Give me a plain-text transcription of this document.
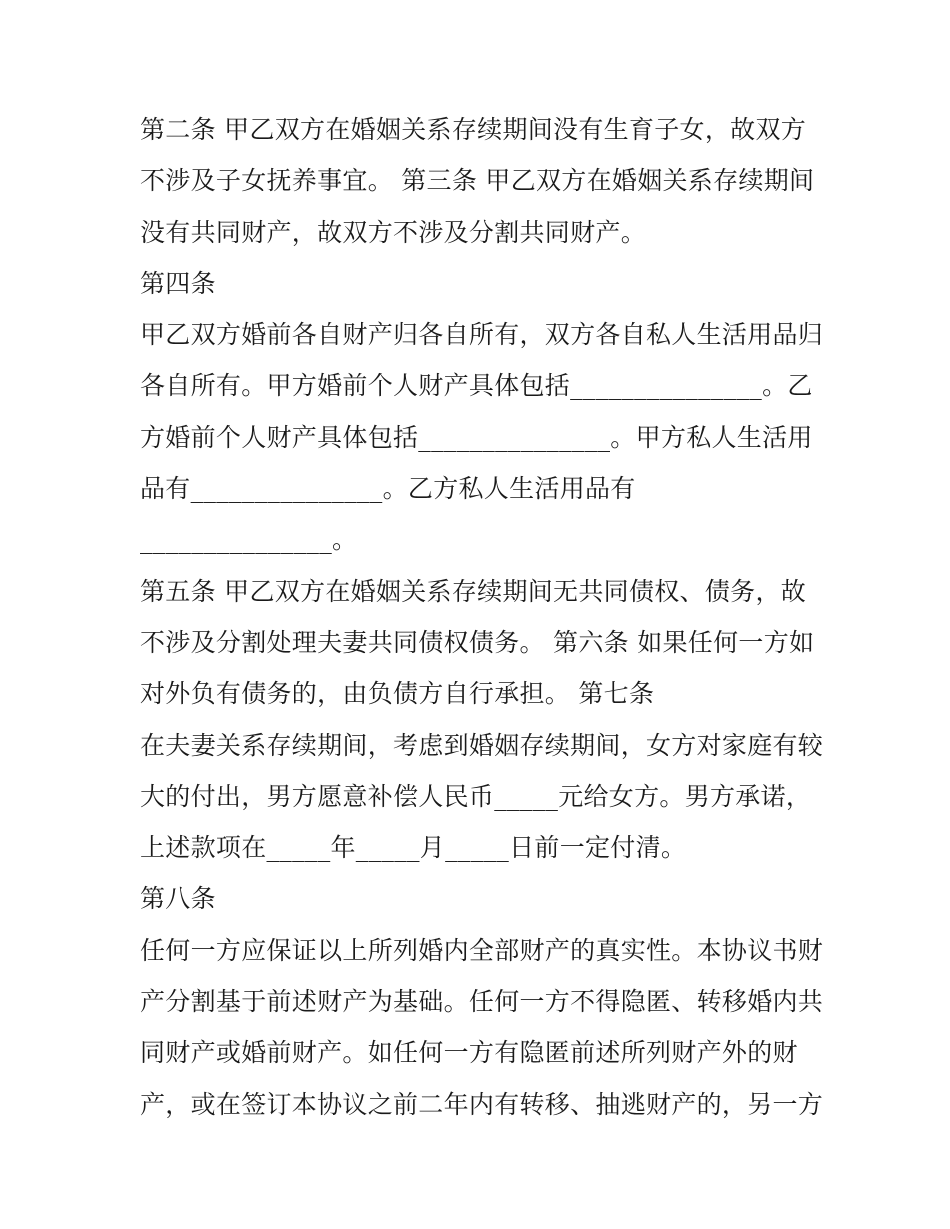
第二条 甲乙双方在婚姻关系存续期间没有生育子女，故双方

不涉及子女抚养事宜。 第三条 甲乙双方在婚姻关系存续期间

没有共同财产，故双方不涉及分割共同财产。

第四条

甲乙双方婚前各自财产归各自所有，双方各自私人生活用品归

各自所有。甲方婚前个人财产具体包括_______________。乙

方婚前个人财产具体包括_______________。甲方私人生活用

品有_______________。乙方私人生活用品有

_______________。

第五条 甲乙双方在婚姻关系存续期间无共同债权、债务，故

不涉及分割处理夫妻共同债权债务。 第六条 如果任何一方如

对外负有债务的，由负债方自行承担。 第七条

在夫妻关系存续期间，考虑到婚姻存续期间，女方对家庭有较

大的付出，男方愿意补偿人民币_____元给女方。男方承诺，

上述款项在_____年_____月_____日前一定付清。

第八条

任何一方应保证以上所列婚内全部财产的真实性。本协议书财

产分割基于前述财产为基础。任何一方不得隐匿、转移婚内共

同财产或婚前财产。如任何一方有隐匿前述所列财产外的财

产，或在签订本协议之前二年内有转移、抽逃财产的，另一方
